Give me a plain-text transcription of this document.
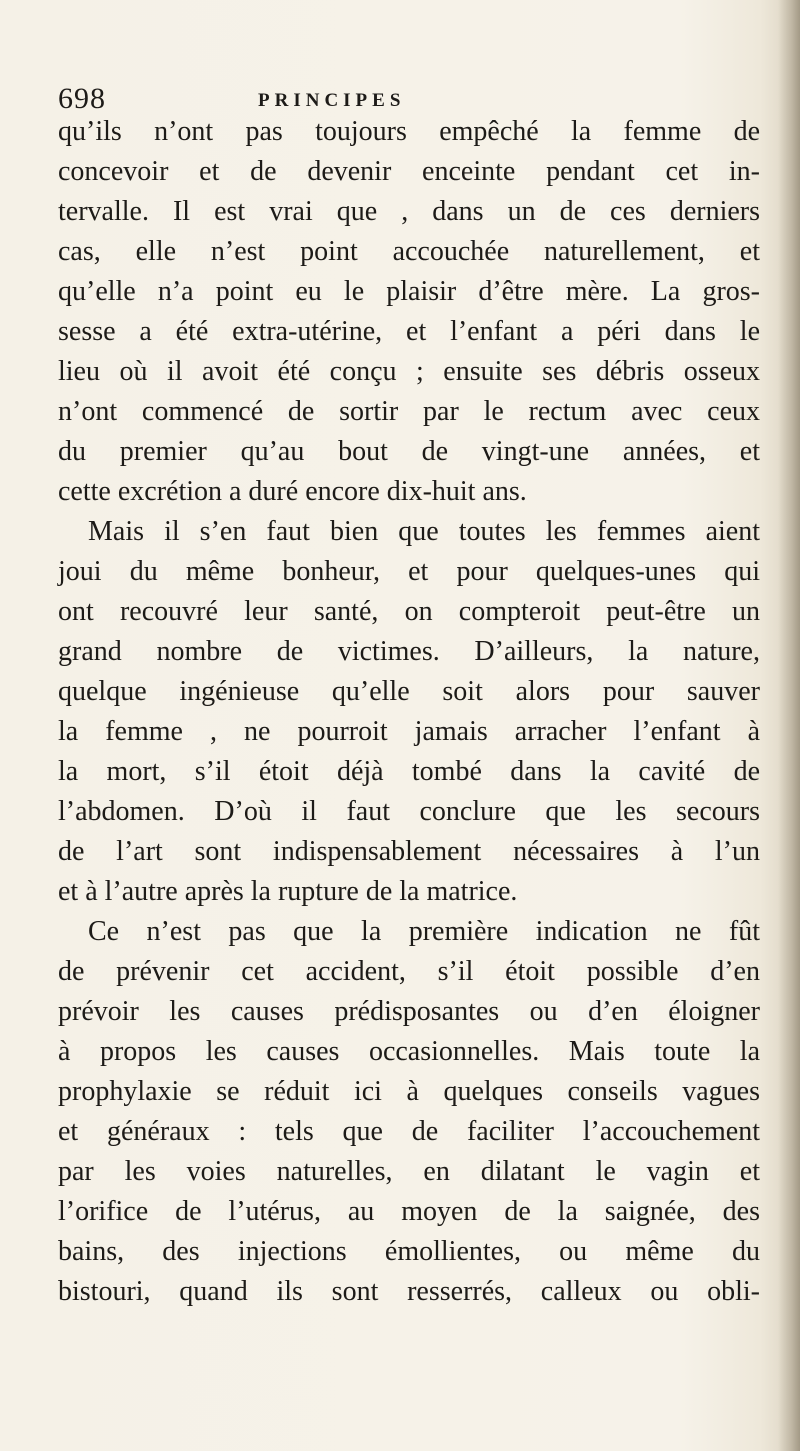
698	PRINCIPES
qu’ils n’ont pas toujours empêché la femme de
concevoir et de devenir enceinte pendant cet in-
tervalle. Il est vrai que , dans un de ces derniers
cas, elle n’est point accouchée naturellement, et
qu’elle n’a point eu le plaisir d’être mère. La gros-
sesse a été extra-utérine, et l’enfant a péri dans le
lieu où il avoit été conçu ; ensuite ses débris osseux
n’ont commencé de sortir par le rectum avec ceux
du premier qu’au bout de vingt-une années, et
cette excrétion a duré encore dix-huit ans.
Mais il s’en faut bien que toutes les femmes aient
joui du même bonheur, et pour quelques-unes qui
ont recouvré leur santé, on compteroit peut-être un
grand nombre de victimes. D’ailleurs, la nature,
quelque ingénieuse qu’elle soit alors pour sauver
la femme , ne pourroit jamais arracher l’enfant à
la mort, s’il étoit déjà tombé dans la cavité de
l’abdomen. D’où il faut conclure que les secours
de l’art sont indispensablement nécessaires à l’un
et à l’autre après la rupture de la matrice.
Ce n’est pas que la première indication ne fût
de prévenir cet accident, s’il étoit possible d’en
prévoir les causes prédisposantes ou d’en éloigner
à propos les causes occasionnelles. Mais toute la
prophylaxie se réduit ici à quelques conseils vagues
et généraux : tels que de faciliter l’accouchement
par les voies naturelles, en dilatant le vagin et
l’orifice de l’utérus, au moyen de la saignée, des
bains, des injections émollientes, ou même du
bistouri, quand ils sont resserrés, calleux ou obli-
